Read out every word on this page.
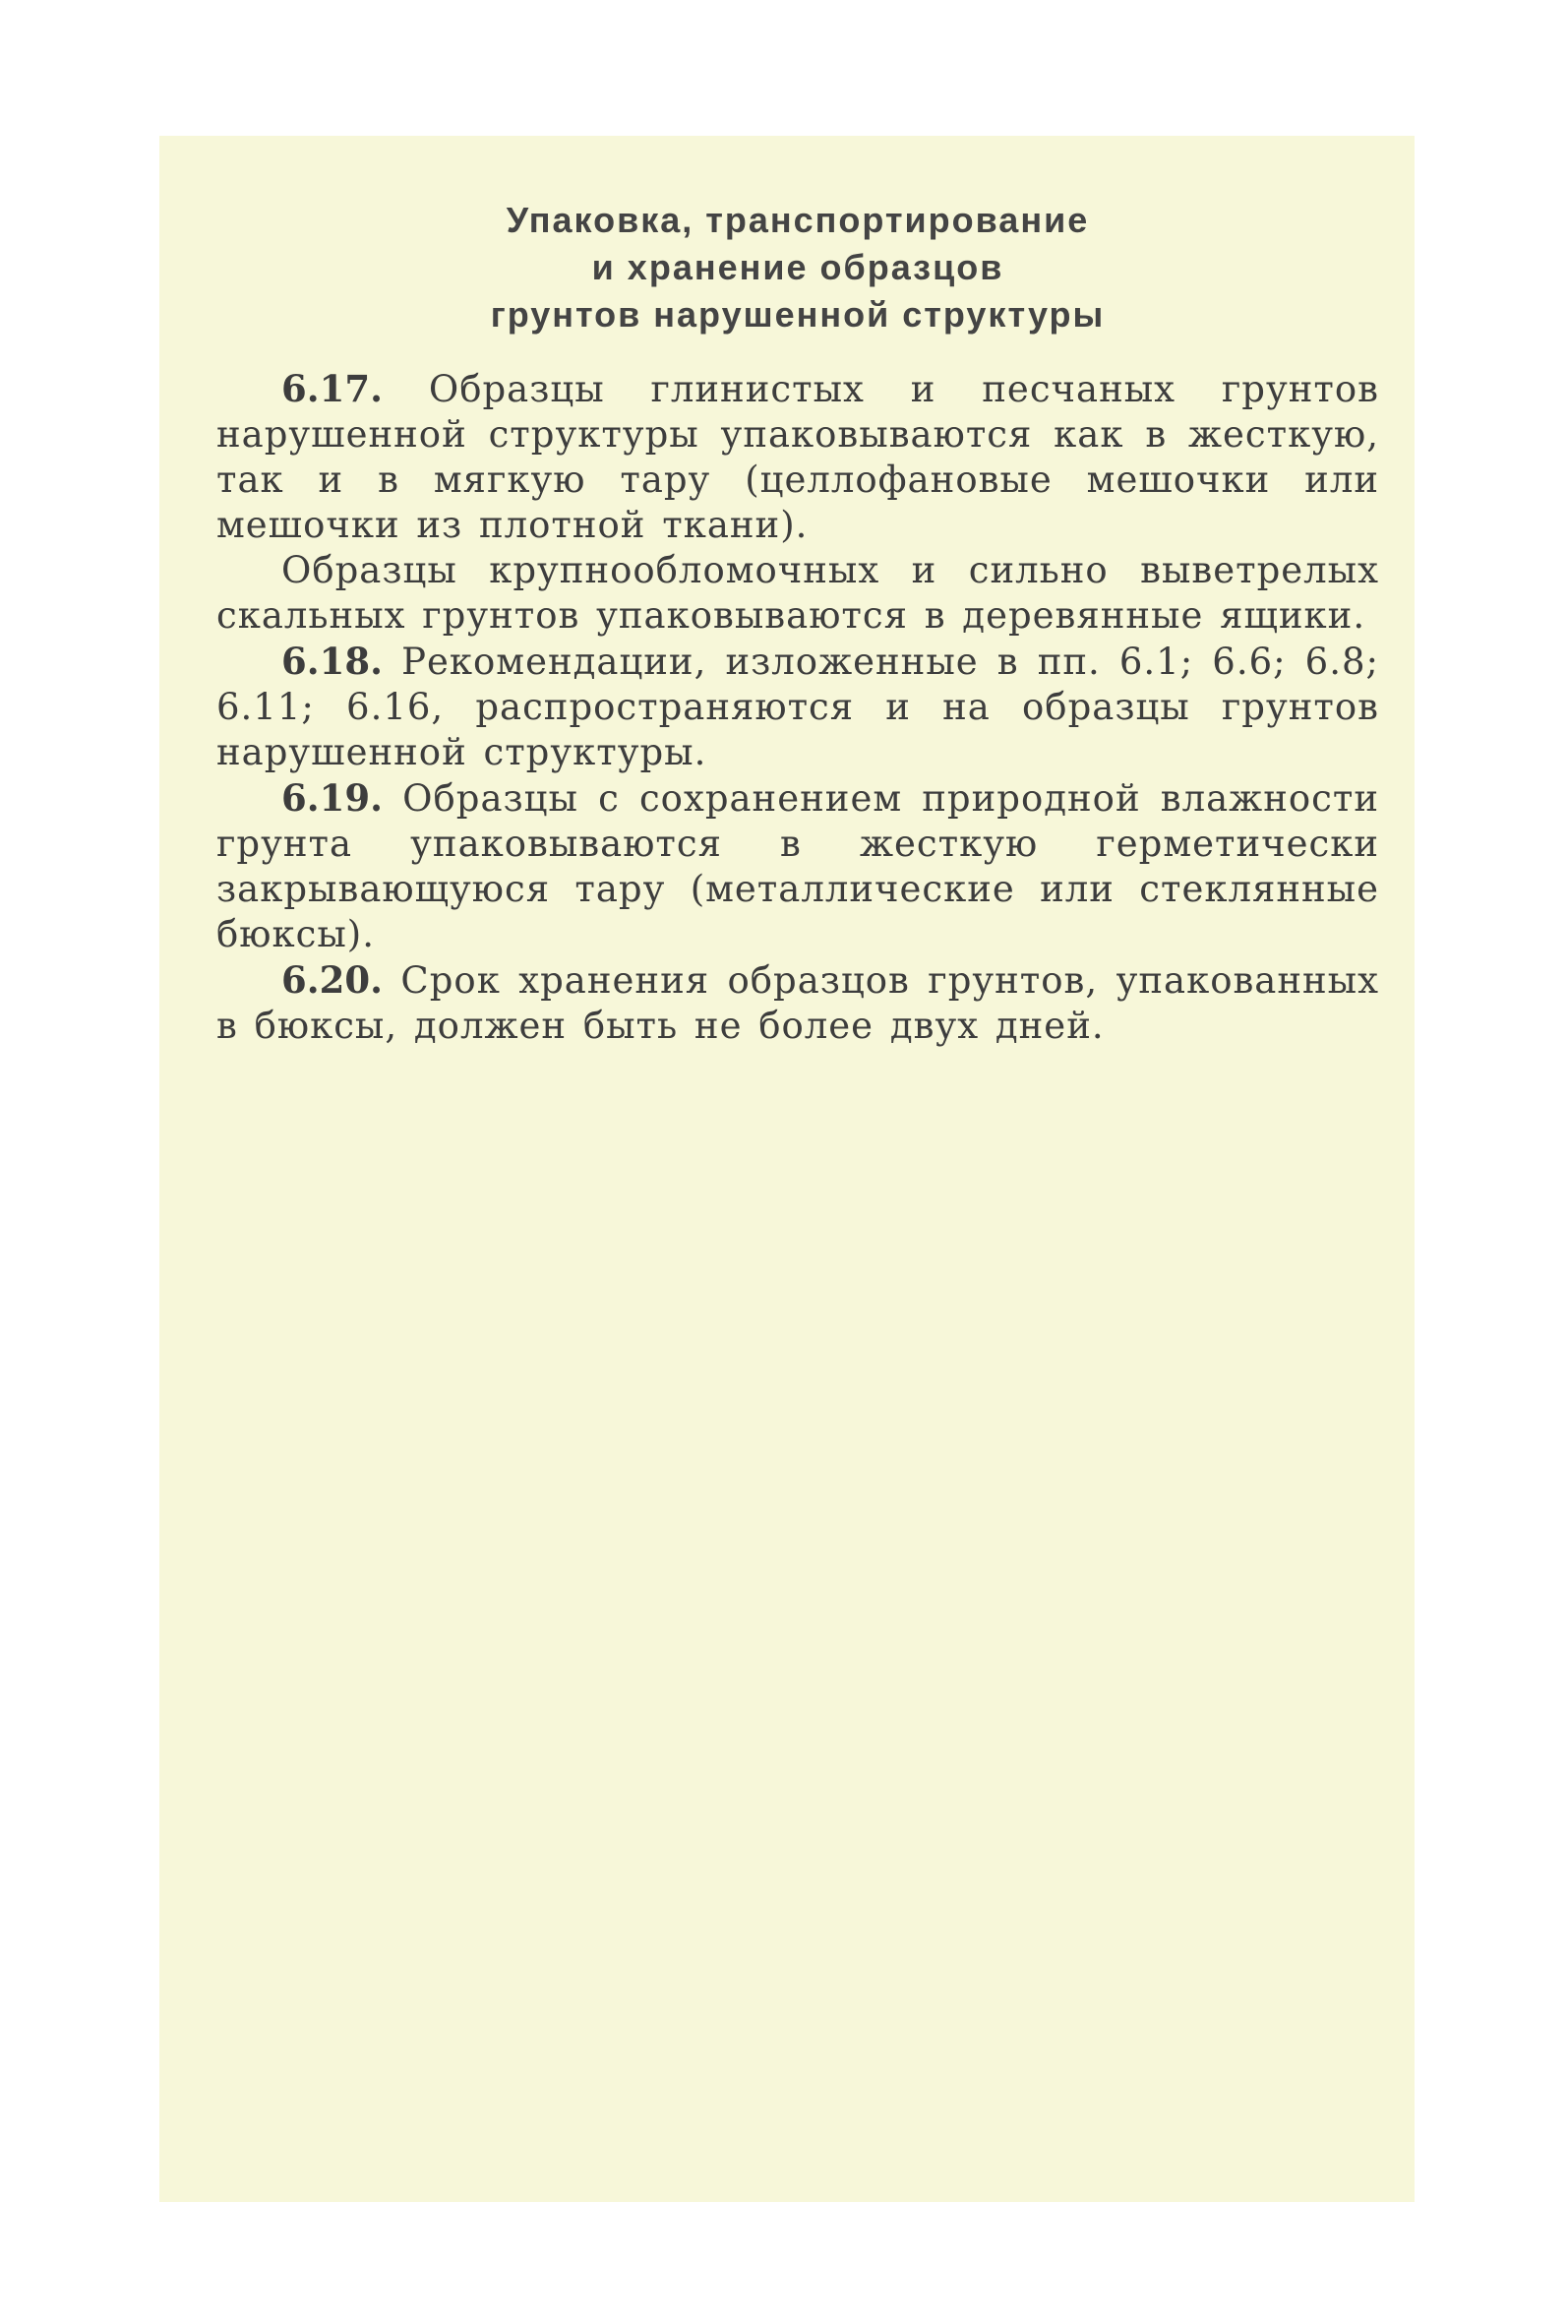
Упаковка, транспортирование
и хранение образцов
грунтов нарушенной структуры

6.17. Образцы глинистых и песчаных грунтов нарушенной структуры упаковываются как в жесткую, так и в мягкую тару (целлофановые мешочки или мешочки из плотной ткани).

Образцы крупнообломочных и сильно выветрелых скальных грунтов упаковываются в деревянные ящики.

6.18. Рекомендации, изложенные в пп. 6.1; 6.6; 6.8; 6.11; 6.16, распространяются и на образцы грунтов нарушенной структуры.

6.19. Образцы с сохранением природной влажности грунта упаковываются в жесткую герметически закрывающуюся тару (металлические или стеклянные бюксы).

6.20. Срок хранения образцов грунтов, упакованных в бюксы, должен быть не более двух дней.
